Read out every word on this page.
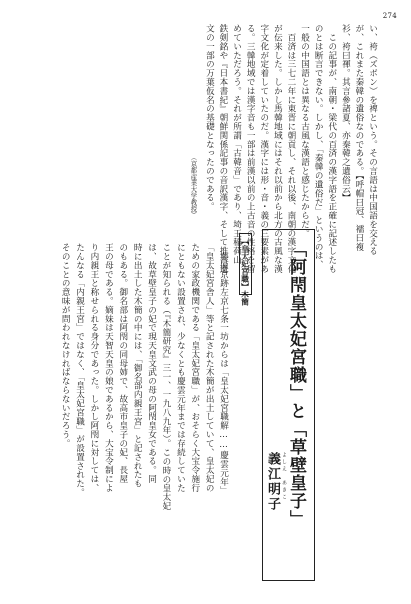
274
い、袴（ズボン）を裨という。その言語は中国語を交える
が、これまた秦韓の遺俗なのである。【呼帽曰冠、襦曰複
衫、袴曰褌。其言參諸夏、亦秦韓之遺俗云】
　この記事が、南朝・梁代の百済の漢字語を正確に記述したも
のとは断言できない。しかし、「秦韓の遺俗だ」というのは、
一般の中国語とは異なる古風な漢語と感じたからだ。
　百済は三七二年に東晋に朝貢し、それ以後、南朝の漢字文化
が伝来した。しかし馬韓地域にはそれ以前から北方の古風な漢
字文化が定着していたのだ。漢字には形・音・義の三要素があ
る。三韓地域では漢字音も一部は前漢以前の上古音の性格を留
めていただろう。それが所謂「古韓音」であり、埼玉稲荷山
鉄剣銘や『日本書紀』朝鮮関係記事の音訳漢字、そして推古遺
文の一部の万葉仮名の基礎となったのである。
（京都産業大学教授）
「阿閇皇太妃宮職」と「草壁皇子」
義江明子 よしえ　あきこ
【皇太妃宮職】木簡
　藤原京跡左京七条一坊からは「皇太妃宮職解……慶雲元年」
「皇太妃宮舎人」等と記された木簡が出土していて、皇太妃の
ための家政機関である「皇太妃宮職」が、おそらく大宝令施行
にともない設置され、少なくとも慶雲元年までは存続していた
ことが知られる（『木簡研究』三一、一九八九年）。この時の皇太妃
は、故草壁皇子の妃で現天皇文武の母の阿閇皇女である。同
時に出土した木簡の中には、「御名部内親王宮」と記されたも
のもある。御名部は阿閇の同母姉で、故高市皇子の妃、長屋
王の母である。嫡妹は天智天皇の娘であるから、大宝令制によ
り内親王と称せられる身分であった。しかし阿閇に対しては、
たんなる「内親王宮」ではなく、「皇太妃宮職」が設置された。
そのことの意味が問われなければならないだろう。
